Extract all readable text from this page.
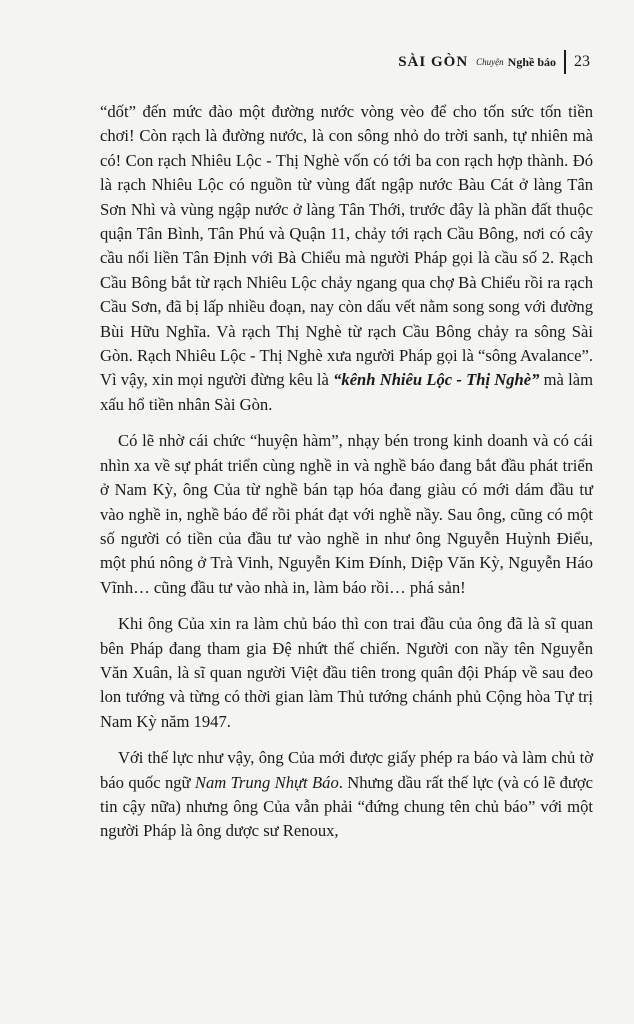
SÀI GÒN Chuyện Nghề báo 23

“dốt” đến mức đào một đường nước vòng vèo để cho tốn sức tốn tiền chơi! Còn rạch là đường nước, là con sông nhỏ do trời sanh, tự nhiên mà có! Con rạch Nhiêu Lộc - Thị Nghè vốn có tới ba con rạch hợp thành. Đó là rạch Nhiêu Lộc có nguồn từ vùng đất ngập nước Bàu Cát ở làng Tân Sơn Nhì và vùng ngập nước ở làng Tân Thới, trước đây là phần đất thuộc quận Tân Bình, Tân Phú và Quận 11, chảy tới rạch Cầu Bông, nơi có cây cầu nối liền Tân Định với Bà Chiểu mà người Pháp gọi là cầu số 2. Rạch Cầu Bông bắt từ rạch Nhiêu Lộc chảy ngang qua chợ Bà Chiểu rồi ra rạch Cầu Sơn, đã bị lấp nhiều đoạn, nay còn dấu vết nằm song song với đường Bùi Hữu Nghĩa. Và rạch Thị Nghè từ rạch Cầu Bông chảy ra sông Sài Gòn. Rạch Nhiêu Lộc - Thị Nghè xưa người Pháp gọi là “sông Avalance”. Vì vậy, xin mọi người đừng kêu là “kênh Nhiêu Lộc - Thị Nghè” mà làm xấu hổ tiền nhân Sài Gòn.

Có lẽ nhờ cái chức “huyện hàm”, nhạy bén trong kinh doanh và có cái nhìn xa về sự phát triển cùng nghề in và nghề báo đang bắt đầu phát triển ở Nam Kỳ, ông Của từ nghề bán tạp hóa đang giàu có mới dám đầu tư vào nghề in, nghề báo để rồi phát đạt với nghề nầy. Sau ông, cũng có một số người có tiền của đầu tư vào nghề in như ông Nguyễn Huỳnh Điểu, một phú nông ở Trà Vinh, Nguyễn Kim Đính, Diệp Văn Kỳ, Nguyễn Háo Vĩnh… cũng đầu tư vào nhà in, làm báo rồi… phá sản!

Khi ông Của xin ra làm chủ báo thì con trai đầu của ông đã là sĩ quan bên Pháp đang tham gia Đệ nhứt thế chiến. Người con nầy tên Nguyễn Văn Xuân, là sĩ quan người Việt đầu tiên trong quân đội Pháp về sau đeo lon tướng và từng có thời gian làm Thủ tướng chánh phủ Cộng hòa Tự trị Nam Kỳ năm 1947.

Với thế lực như vậy, ông Của mới được giấy phép ra báo và làm chủ tờ báo quốc ngữ Nam Trung Nhựt Báo. Nhưng dầu rất thế lực (và có lẽ được tin cậy nữa) nhưng ông Của vẫn phải “đứng chung tên chủ báo” với một người Pháp là ông dược sư Renoux,
